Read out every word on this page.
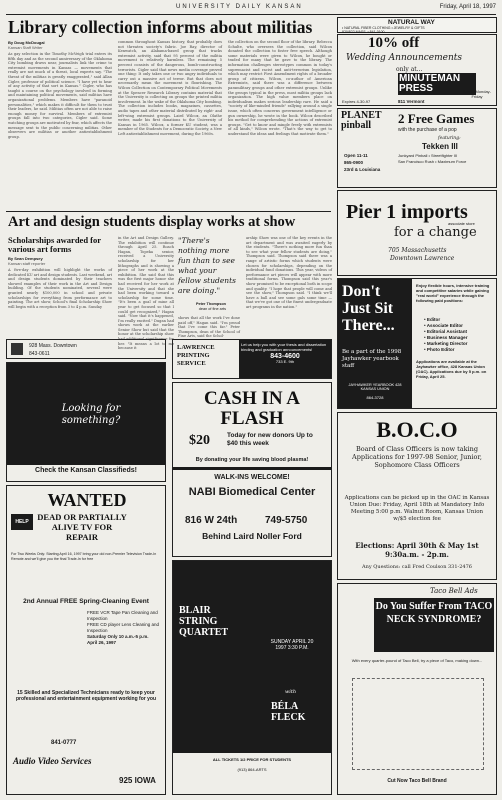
UNIVERSITY DAILY KANSAN	Friday, April 18, 1997
Library collection informs about militias
By Doug McDougal
Kansan Staff Writer
As gay selection in the Timothy McVeigh trial enters its fifth day and as the second anniversary of the Oklahoma City bombing draws near, journalists link the crime to extremist movements in Kansas — movements that really are not much of a threat, local experts say. "The threat of the militias is greatly exaggerated," said Allan Cigler, professor of political science. "I have yet to hear of any activity of that sort in Kansas." Cigler, who has taught a course on the psychology involved in forming and maintaining political movements, said militias have organizational problems. Members have "paranoid personalities," which makes it difficult for them to trust their leaders, he said. Militias often are not able to raise enough money for survival. Members of extremist groups fall into two categories, Cigler said. Some watching groups are motivated by fear, which affects the message sent to the public concerning militias. Other observers are militias or another antiestablishment group.
common throughout Kansas history, that probably does not threaten society's fabric. Joe Ray, director of Kenwatch, an Alabama-based group that tracks extremist activity, said that 95 percent of the militia movement is relatively harmless. The remaining 5 percent consists of the dangerous, bomb-constructing terrorists. Cigler said that news media coverage proved one thing: It only takes one or two angry individuals to carry out a massive act of terror. But that does not necessarily mean the movement is flourishing. The Wilcox Collection on Contemporary Political Movements at the Spencer Research Library contains material that the University is collecting on groups the printed militia involvement. In the wake of the Oklahoma City bombing. The collection includes books, magazines, cassettes, audio tapes and other material distributed by right- and left-wing extremist groups. Laird Wilcox, an Olathe writer, made his first donations to the University of Kansas in 1965. Wilcox, a former KU student, was a member of the Students for a Democratic Society, a New Left antiestablishment movement, during the 1960s.
the collection on the second floor of the library. Rebecca Schulte, who oversees the collection, said Wilcox donated the collection to foster free speech. Although some materials were given to Wilcox, he bought or traded for many that he gave to the library. The information challenges stereotypes common in today's supremacist and racist and anti-terrorism legislation, which may restrict First Amendment rights of a broader group of citizens. Wilcox, co-author of American Extremists, said there was a difference between paramilitary groups and other extremist groups. Unlike the groups typical in the press, most militia groups lack organization. The high value members place on individualism makes serious leadership rare. He said a "society of like-minded friends" rallying around a single issue, which often concerns government intelligence or gun ownership, he wrote in the book. Wilcox described his method for comprehending the actions of extremist groups. "Get to know and mingle freely with extremists of all kinds," Wilcox wrote. "That's the way to get to understand the ideas and feelings that motivate them."
NATURAL WAY
• NATURAL FIBER CLOTHING • JEWELRY & GIFTS
820/822 MASS. • 841-0100
10% off
Wedding Announcements
only at...
MINUTEMAN PRESS
Expires 4-30-97	811 Vermont
8-5:30 Monday-Friday
PLANET pinball	2 Free Games
with the purchase of a pop
featuring:
Tekken III
Junkyard Pinball • Streetfighter III
San Francisco Rush • Maximum Force
Open 11-11
865-0900
23rd & Louisiana
Art and design students display works at show
Scholarships awarded for various art forms
By Sean Dempsey
Kansan staff reporter
A five-day exhibition will highlight the works of dedicated KU art and design students. Last weekend, art and design students dominated by their teachers showed examples of their work in the Art and Design building. Of the students nominated, several were granted nearly $100,000 in school and private scholarships for everything from performance art to painting. The art show, School's final Scholarship Show will begin with a reception from 3 to 4 p.m. Sunday
in the Art and Design Gallery. The exhibition will continue through April 25. Roach Hagan, Topeka senior, received a University scholarship for her lithographs and is showing a piece of her work at the exhibition. She said that this was the first major honor she had received for her work at the University and that she had been working toward a scholarship for some time. "It's been a goal of mine all year to get focused so that I could get recognized," Hagan said. "Now that it's happened, I'm really excited." Dugan had shown work at the earlier Senior Show but said that the honor at the scholarship show had additional significance for her. "It means a lot to me because it
"There's nothing more fun than to see what your fellow students are doing."
Peter Thompson
dean of fine arts
shows that all the work I've done paid off," Hagan said. "I'm proud that I've come this far." Peter Thompson, dean of the School of Fine Arts, said the Schol-
arship Show was one of the key events in the art department and was awaited eagerly by the students. "There's nothing more fun than to see what your fellow students are doing," Thompson said. Thompson said there was a range of artistic forms which students were chosen for scholarships, depending on the individual fund donations. This year, videos of performance art pieces will appear with more traditional forms. Thompson said this year's show promised to be exceptional both in scope and quality. "I hope that people will come and see the show," Thompson said. "I think we'll have a ball and see some gals some time — that we've got one of the finest undergraduate art programs in the nation."
Pier 1 imports
associate store
for a change
705 Massachusetts
Downtown Lawrence
Don't Just Sit There...
Be a part of the 1998 Jayhawker yearbook staff
JAYHAWKER YEARBOOK 428 KANSAS UNION
864-3728
Enjoy flexible hours, intensive training and competitive salaries while gaining "real world" experience through the following paid positions:
• Editor
• Associate Editor
• Editorial Assistant
• Business Manager
• Marketing Director
• Photo Editor
Applications are available at the Jayhawker office, 428 Kansas Union (OAC). Applications due by 5 p.m. on Friday, April 25.
928 Mass. Downtown
843-0611
LAWRENCE PRINTING SERVICE
Let us help you with your thesis and dissertation binding and graduation announcements!
843-4600
733 E. 9th
Looking for something?
Check the Kansan Classifieds!
CASH IN A FLASH
$20	Today for new donors Up to $40 this week
By donating your life saving blood plasma!
WALK-INS WELCOME!
NABI Biomedical Center
816 W 24th	749-5750
Behind Laird Noller Ford
B.O.C.O
Board of Class Officers is now taking Applications for 1997-98 Senior, Junior, Sophomore Class Officers
Applications can be picked up in the OAC in Kansas Union Due: Friday, April 18th at Mandatory Info Meeting 5:00 p.m. Walnut Room, Kansas Union w/$5 election fee
Elections: April 30th & May 1st 9:30a.m. - 2p.m.
Any Questions: call Fred Coulson 331-2476
WANTED
HELP	DEAD OR PARTIALLY ALIVE TV FOR REPAIR
For Two Weeks Only: Starting April 16, 1997 bring your old non-Premier Television Trade-In Remote and we'll give you the final Trade-In for free
2nd Annual FREE Spring-Cleaning Event
FREE VCR Tape Pan Cleaning and Inspection
FREE CD player Lens Cleaning and Inspection
Saturday Only 10 a.m.-5 p.m.
April 26, 1997
15 Skilled and Specialized Technicians ready to keep your professional and entertainment equipment working for you
Audio Video Services
841-0777
925 IOWA
BLAIR STRING QUARTET
SUNDAY APRIL 20 1997 3:30 P.M.
with
BÉLA FLECK
ALL TICKETS 1/2 PRICE FOR STUDENTS
(913) 864-ARTS
Taco Bell Ads
Do You Suffer From TACO NECK SYNDROME?
With every quarter-pound of Taco Bell, try a piece of Taco, making down...
Cut Now Taco Bell Brand
